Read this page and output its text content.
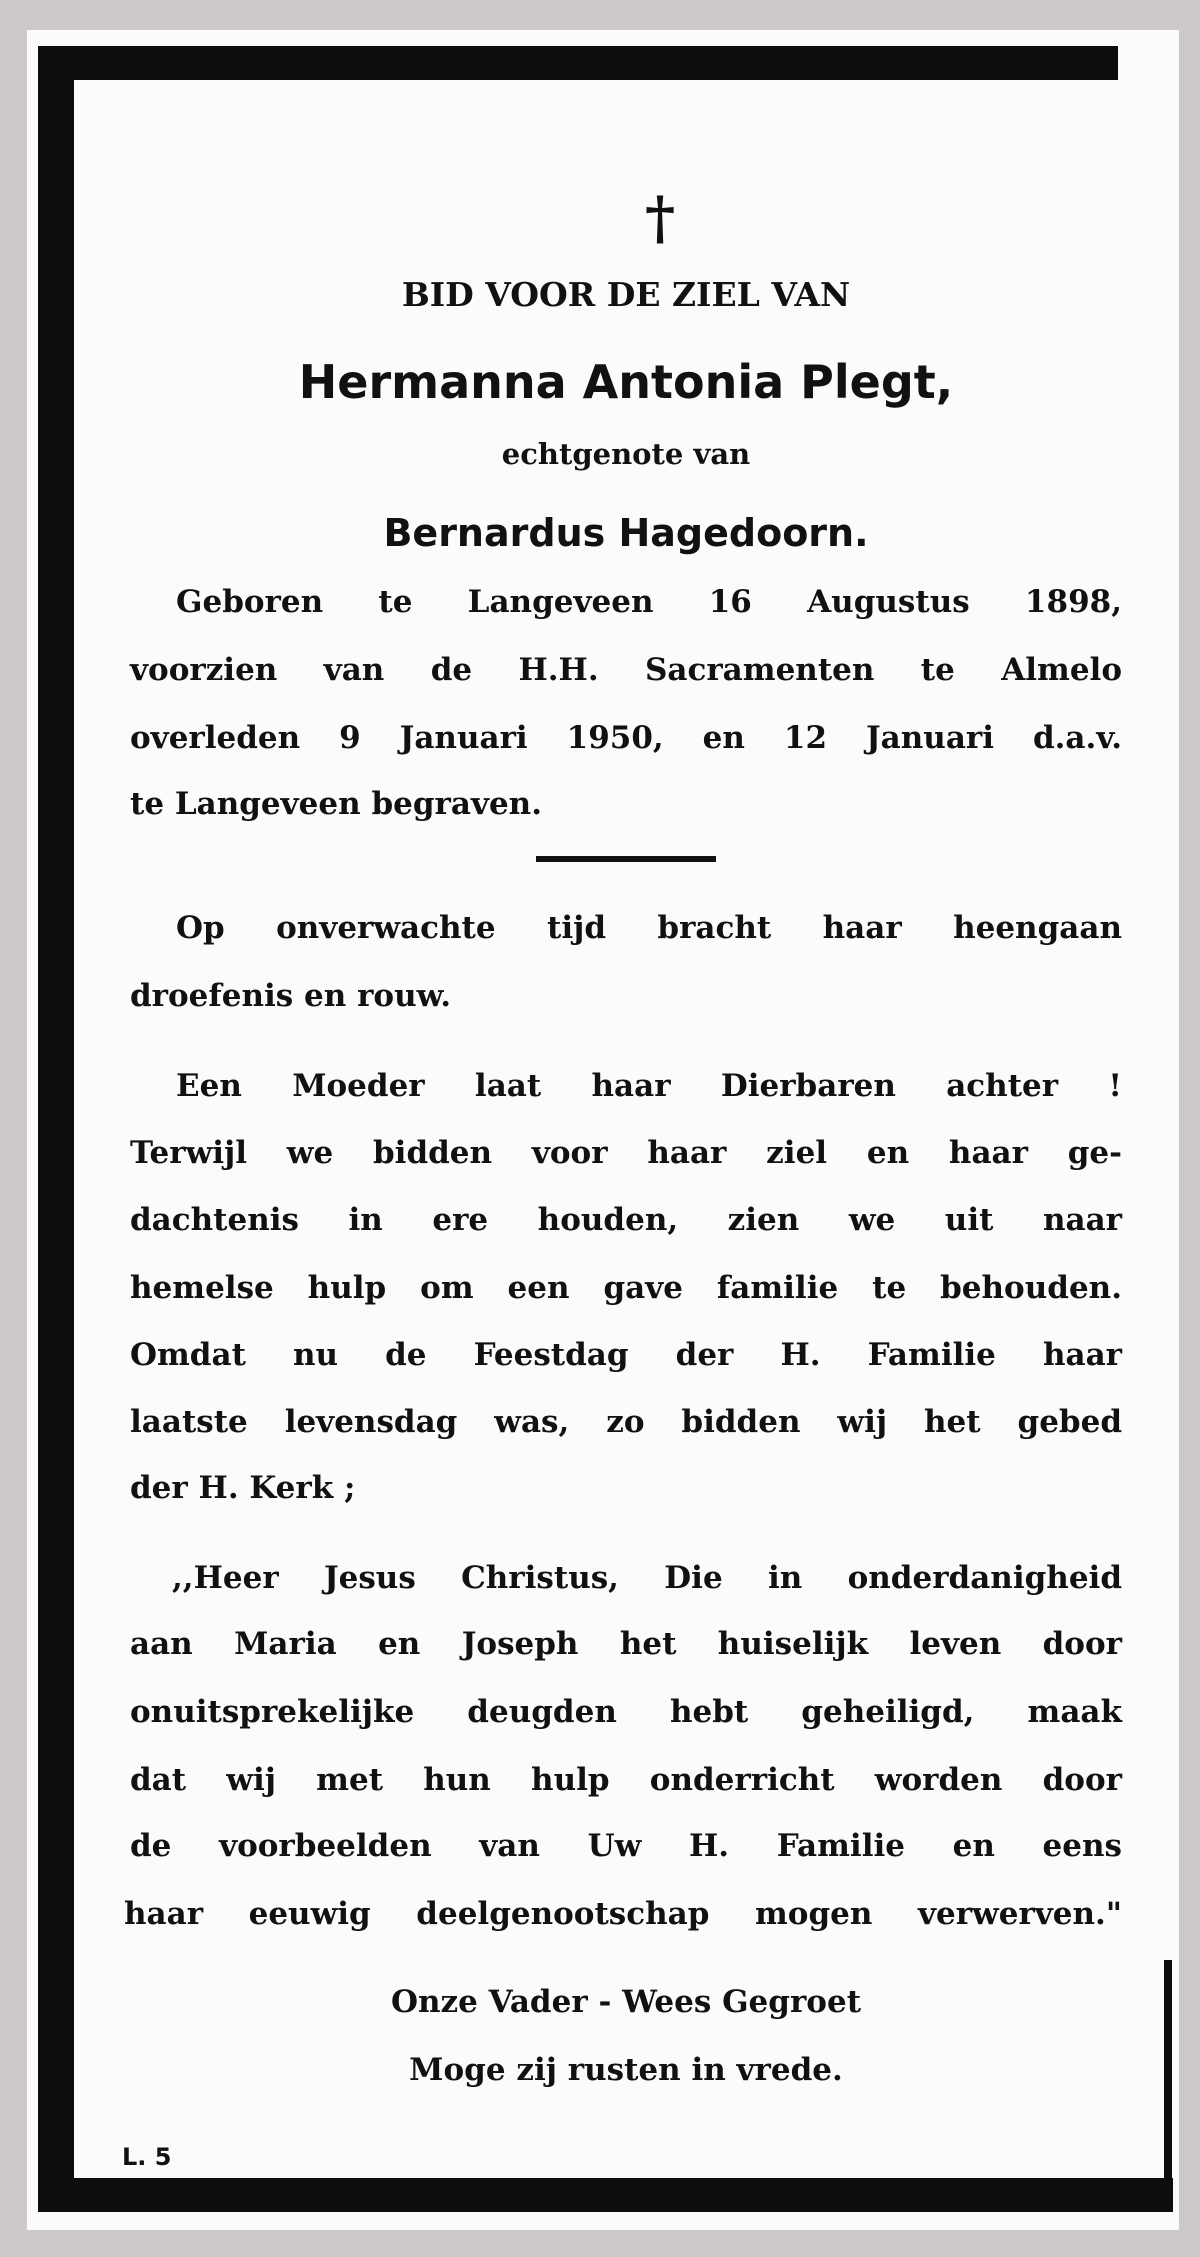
†
BID VOOR DE ZIEL VAN
Hermanna Antonia Plegt,
echtgenote van
Bernardus Hagedoorn.
Geboren te Langeveen 16 Augustus 1898,
voorzien van de H.H. Sacramenten te Almelo
overleden 9 Januari 1950, en 12 Januari d.a.v.
te Langeveen begraven.
Op onverwachte tijd bracht haar heengaan
droefenis en rouw.
Een Moeder laat haar Dierbaren achter !
Terwijl we bidden voor haar ziel en haar ge-
dachtenis in ere houden, zien we uit naar
hemelse hulp om een gave familie te behouden.
Omdat nu de Feestdag der H. Familie haar
laatste levensdag was, zo bidden wij het gebed
der H. Kerk ;
,,Heer Jesus Christus, Die in onderdanigheid
aan Maria en Joseph het huiselijk leven door
onuitsprekelijke deugden hebt geheiligd, maak
dat wij met hun hulp onderricht worden door
de voorbeelden van Uw H. Familie en eens
haar eeuwig deelgenootschap mogen verwerven."
Onze Vader - Wees Gegroet
Moge zij rusten in vrede.
L. 5
